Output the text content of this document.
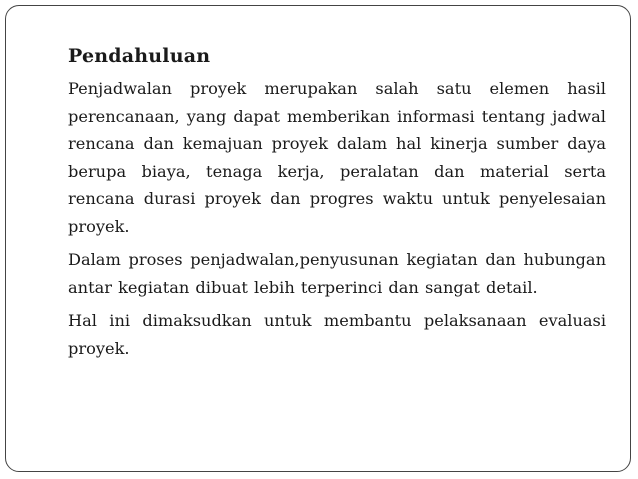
Pendahuluan

Penjadwalan proyek merupakan salah satu elemen hasil perencanaan, yang dapat memberikan informasi tentang jadwal rencana dan kemajuan proyek dalam hal kinerja sumber daya berupa biaya, tenaga kerja, peralatan dan material serta rencana durasi proyek dan progres waktu untuk penyelesaian proyek.

Dalam proses penjadwalan,penyusunan kegiatan dan hubungan antar kegiatan dibuat lebih terperinci dan sangat detail.

Hal ini dimaksudkan untuk membantu pelaksanaan evaluasi proyek.
